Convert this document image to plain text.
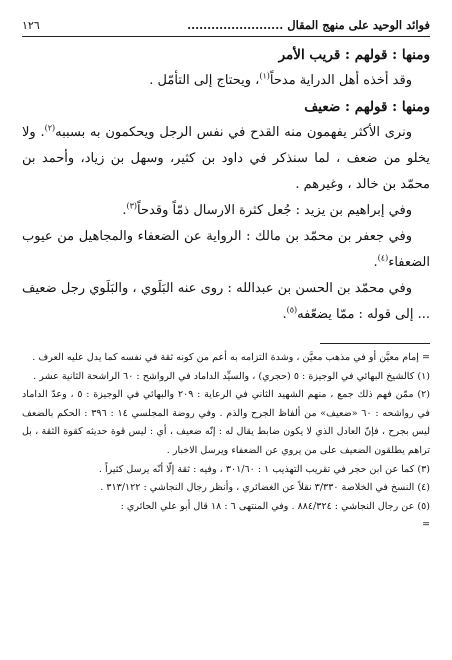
فوائد الوحيد على منهج المقال ........................
١٢٦

ومنها : قولهم : قريب الأمر

وقد أخذه أهل الدراية مدحاً$^{(١)}$، ويحتاج إلى التأمّل .

ومنها : قولهم : ضعيف

ونرى الأكثر يفهمون منه القدح في نفس الرجل ويحكمون به بسببه$^{(٢)}$. ولا يخلو من ضعف ، لما سنذكر في داود بن كثير، وسهل بن زياد، وأحمد بن محمّد بن خالد ، وغيرهم .

وفي إبراهيم بن يزيد : جُعل كثرة الارسال ذمّاً وقدحاً$^{(٣)}$.

وفي جعفر بن محمّد بن مالك : الرواية عن الضعفاء والمجاهيل من عيوب الضعفاء$^{(٤)}$.

وفي محمّد بن الحسن بن عبدالله : روى عنه البَلَوي ، والبَلَوي رجل ضعيف ... إلى قوله : ممّا يضعّفه$^{(٥)}$.

= إمام معيَّن أو في مذهب معيَّن ، وشدة التزامه به أعم من كونه ثقة في نفسه كما يدل عليه العرف .

(١) كالشيخ البهائي في الوجيزة : ٥ (حجري) ، والسيِّد الداماد في الرواشح : ٦٠ الراشحة الثانية عشر .

(٢) ممّن فهم ذلك جمع ، منهم الشهيد الثاني في الرعاية : ٢٠٩ والبهائي في الوجيزة : ٥ ، وعدّ الداماد في رواشحه : ٦٠ «ضعيف» من ألفاظ الجرح والذم . وفي روضة المجلسي ١٤ : ٣٩٦ : الحكم بالضعف ليس بجرح ، فإنّ العادل الذي لا يكون ضابط يقال له : إنّه ضعيف ، أي : ليس قوة حديثه كقوة الثقة ، بل تراهم يطلقون الضعيف على من يروي عن الضعفاء ويرسل الاخبار .

(٣) كما عن ابن حجر في تقريب التهذيب ١ : ٣٠١/٦٠ ، وفيه : ثقة إلّا أنّه يرسل كثيراً .

(٤) النسخ في الخلاصة ٣/٣٣٠ نقلاً عن الغضائري ، وأنظر رجال النجاشي : ٣١٣/١٢٢ .

(٥) عن رجال النجاشي : ٨٨٤/٣٢٤ . وفي المنتهى ٦ : ١٨ قال أبو علي الحائري :

=
